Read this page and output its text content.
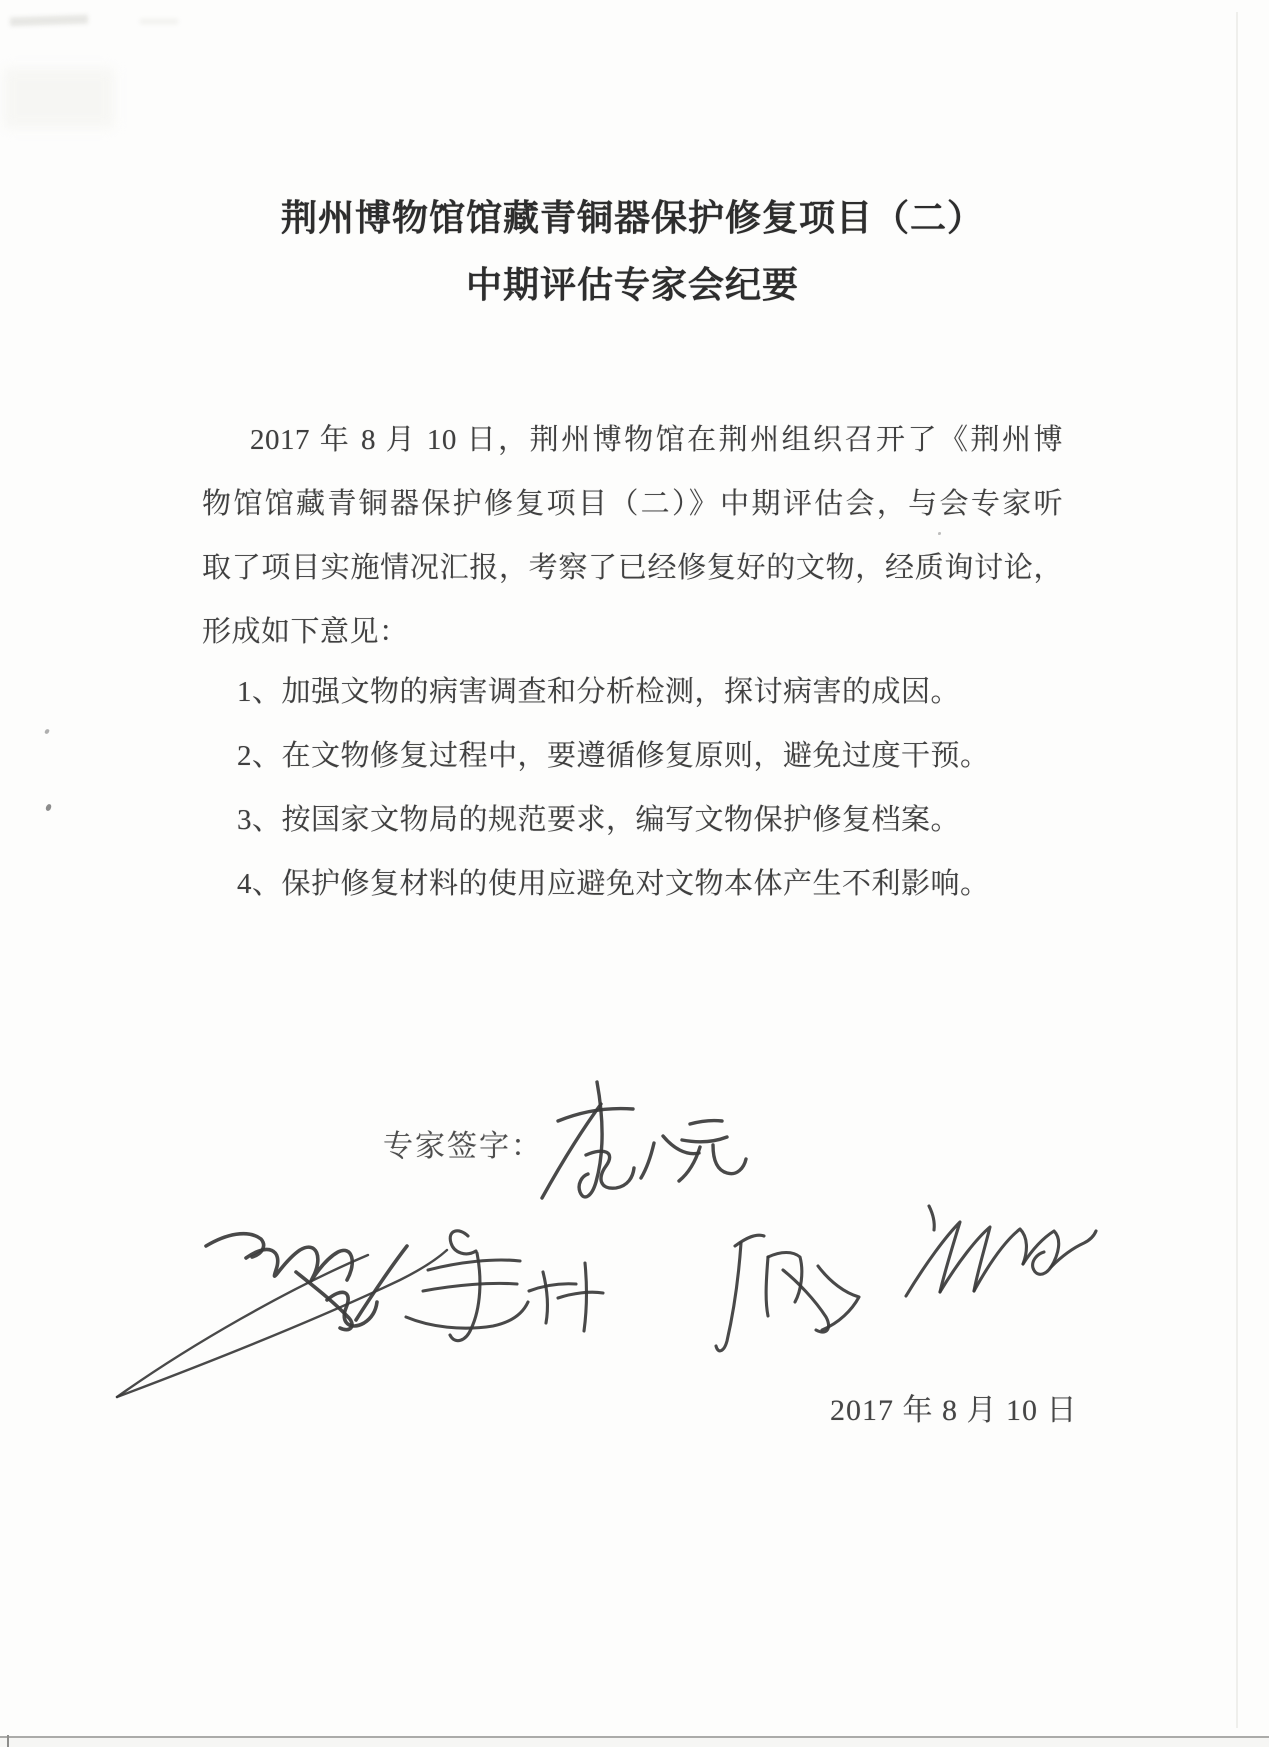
荆州博物馆馆藏青铜器保护修复项目（二）
中期评估专家会纪要
2017 年 8 月 10 日，荆州博物馆在荆州组织召开了《荆州博
物馆馆藏青铜器保护修复项目（二）》中期评估会，与会专家听
取了项目实施情况汇报，考察了已经修复好的文物，经质询讨论，
形成如下意见：
1、加强文物的病害调查和分析检测，探讨病害的成因。
2、在文物修复过程中，要遵循修复原则，避免过度干预。
3、按国家文物局的规范要求，编写文物保护修复档案。
4、保护修复材料的使用应避免对文物本体产生不利影响。
专家签字：
2017 年 8 月 10 日
